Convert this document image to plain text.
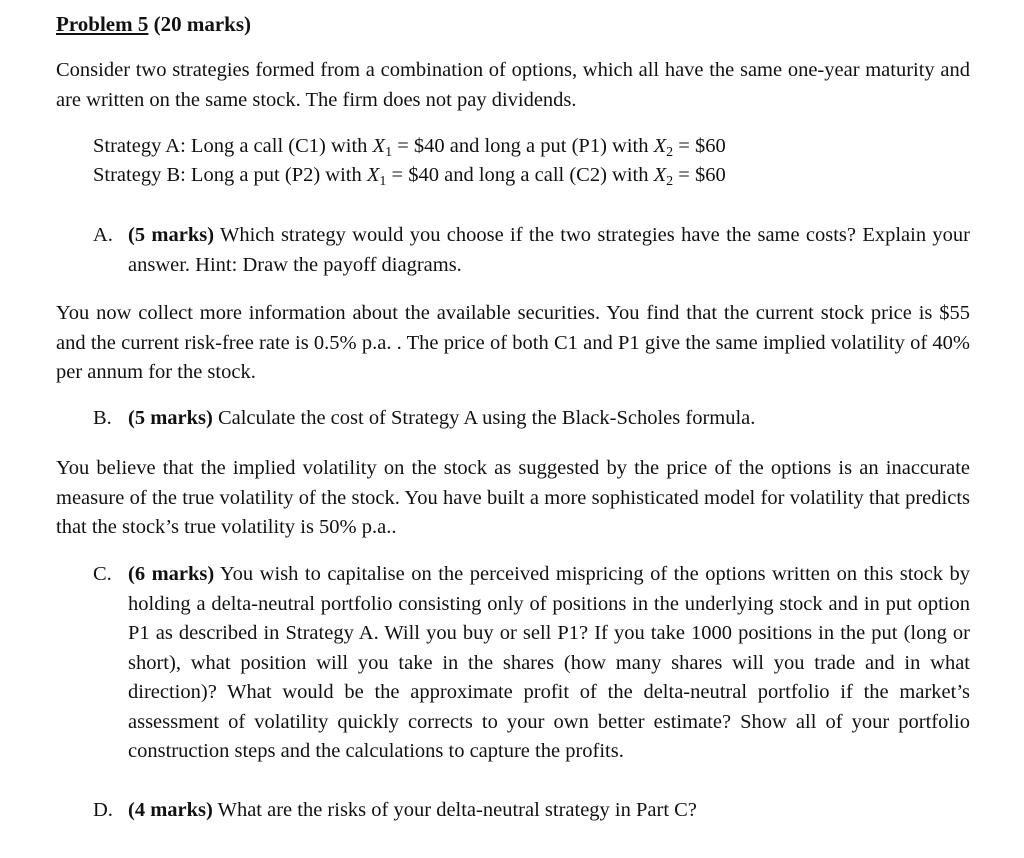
Problem 5 (20 marks)
Consider two strategies formed from a combination of options, which all have the same one-year maturity and are written on the same stock. The firm does not pay dividends.
Strategy A: Long a call (C1) with $X_1$ = $40 and long a put (P1) with $X_2$ = $60
Strategy B: Long a put (P2) with $X_1$ = $40 and long a call (C2) with $X_2$ = $60
A. (5 marks) Which strategy would you choose if the two strategies have the same costs? Explain your answer. Hint: Draw the payoff diagrams.
You now collect more information about the available securities. You find that the current stock price is $55 and the current risk-free rate is 0.5% p.a. . The price of both C1 and P1 give the same implied volatility of 40% per annum for the stock.
B. (5 marks) Calculate the cost of Strategy A using the Black-Scholes formula.
You believe that the implied volatility on the stock as suggested by the price of the options is an inaccurate measure of the true volatility of the stock. You have built a more sophisticated model for volatility that predicts that the stock’s true volatility is 50% p.a..
C. (6 marks) You wish to capitalise on the perceived mispricing of the options written on this stock by holding a delta-neutral portfolio consisting only of positions in the underlying stock and in put option P1 as described in Strategy A. Will you buy or sell P1? If you take 1000 positions in the put (long or short), what position will you take in the shares (how many shares will you trade and in what direction)? What would be the approximate profit of the delta-neutral portfolio if the market’s assessment of volatility quickly corrects to your own better estimate? Show all of your portfolio construction steps and the calculations to capture the profits.
D. (4 marks) What are the risks of your delta-neutral strategy in Part C?
